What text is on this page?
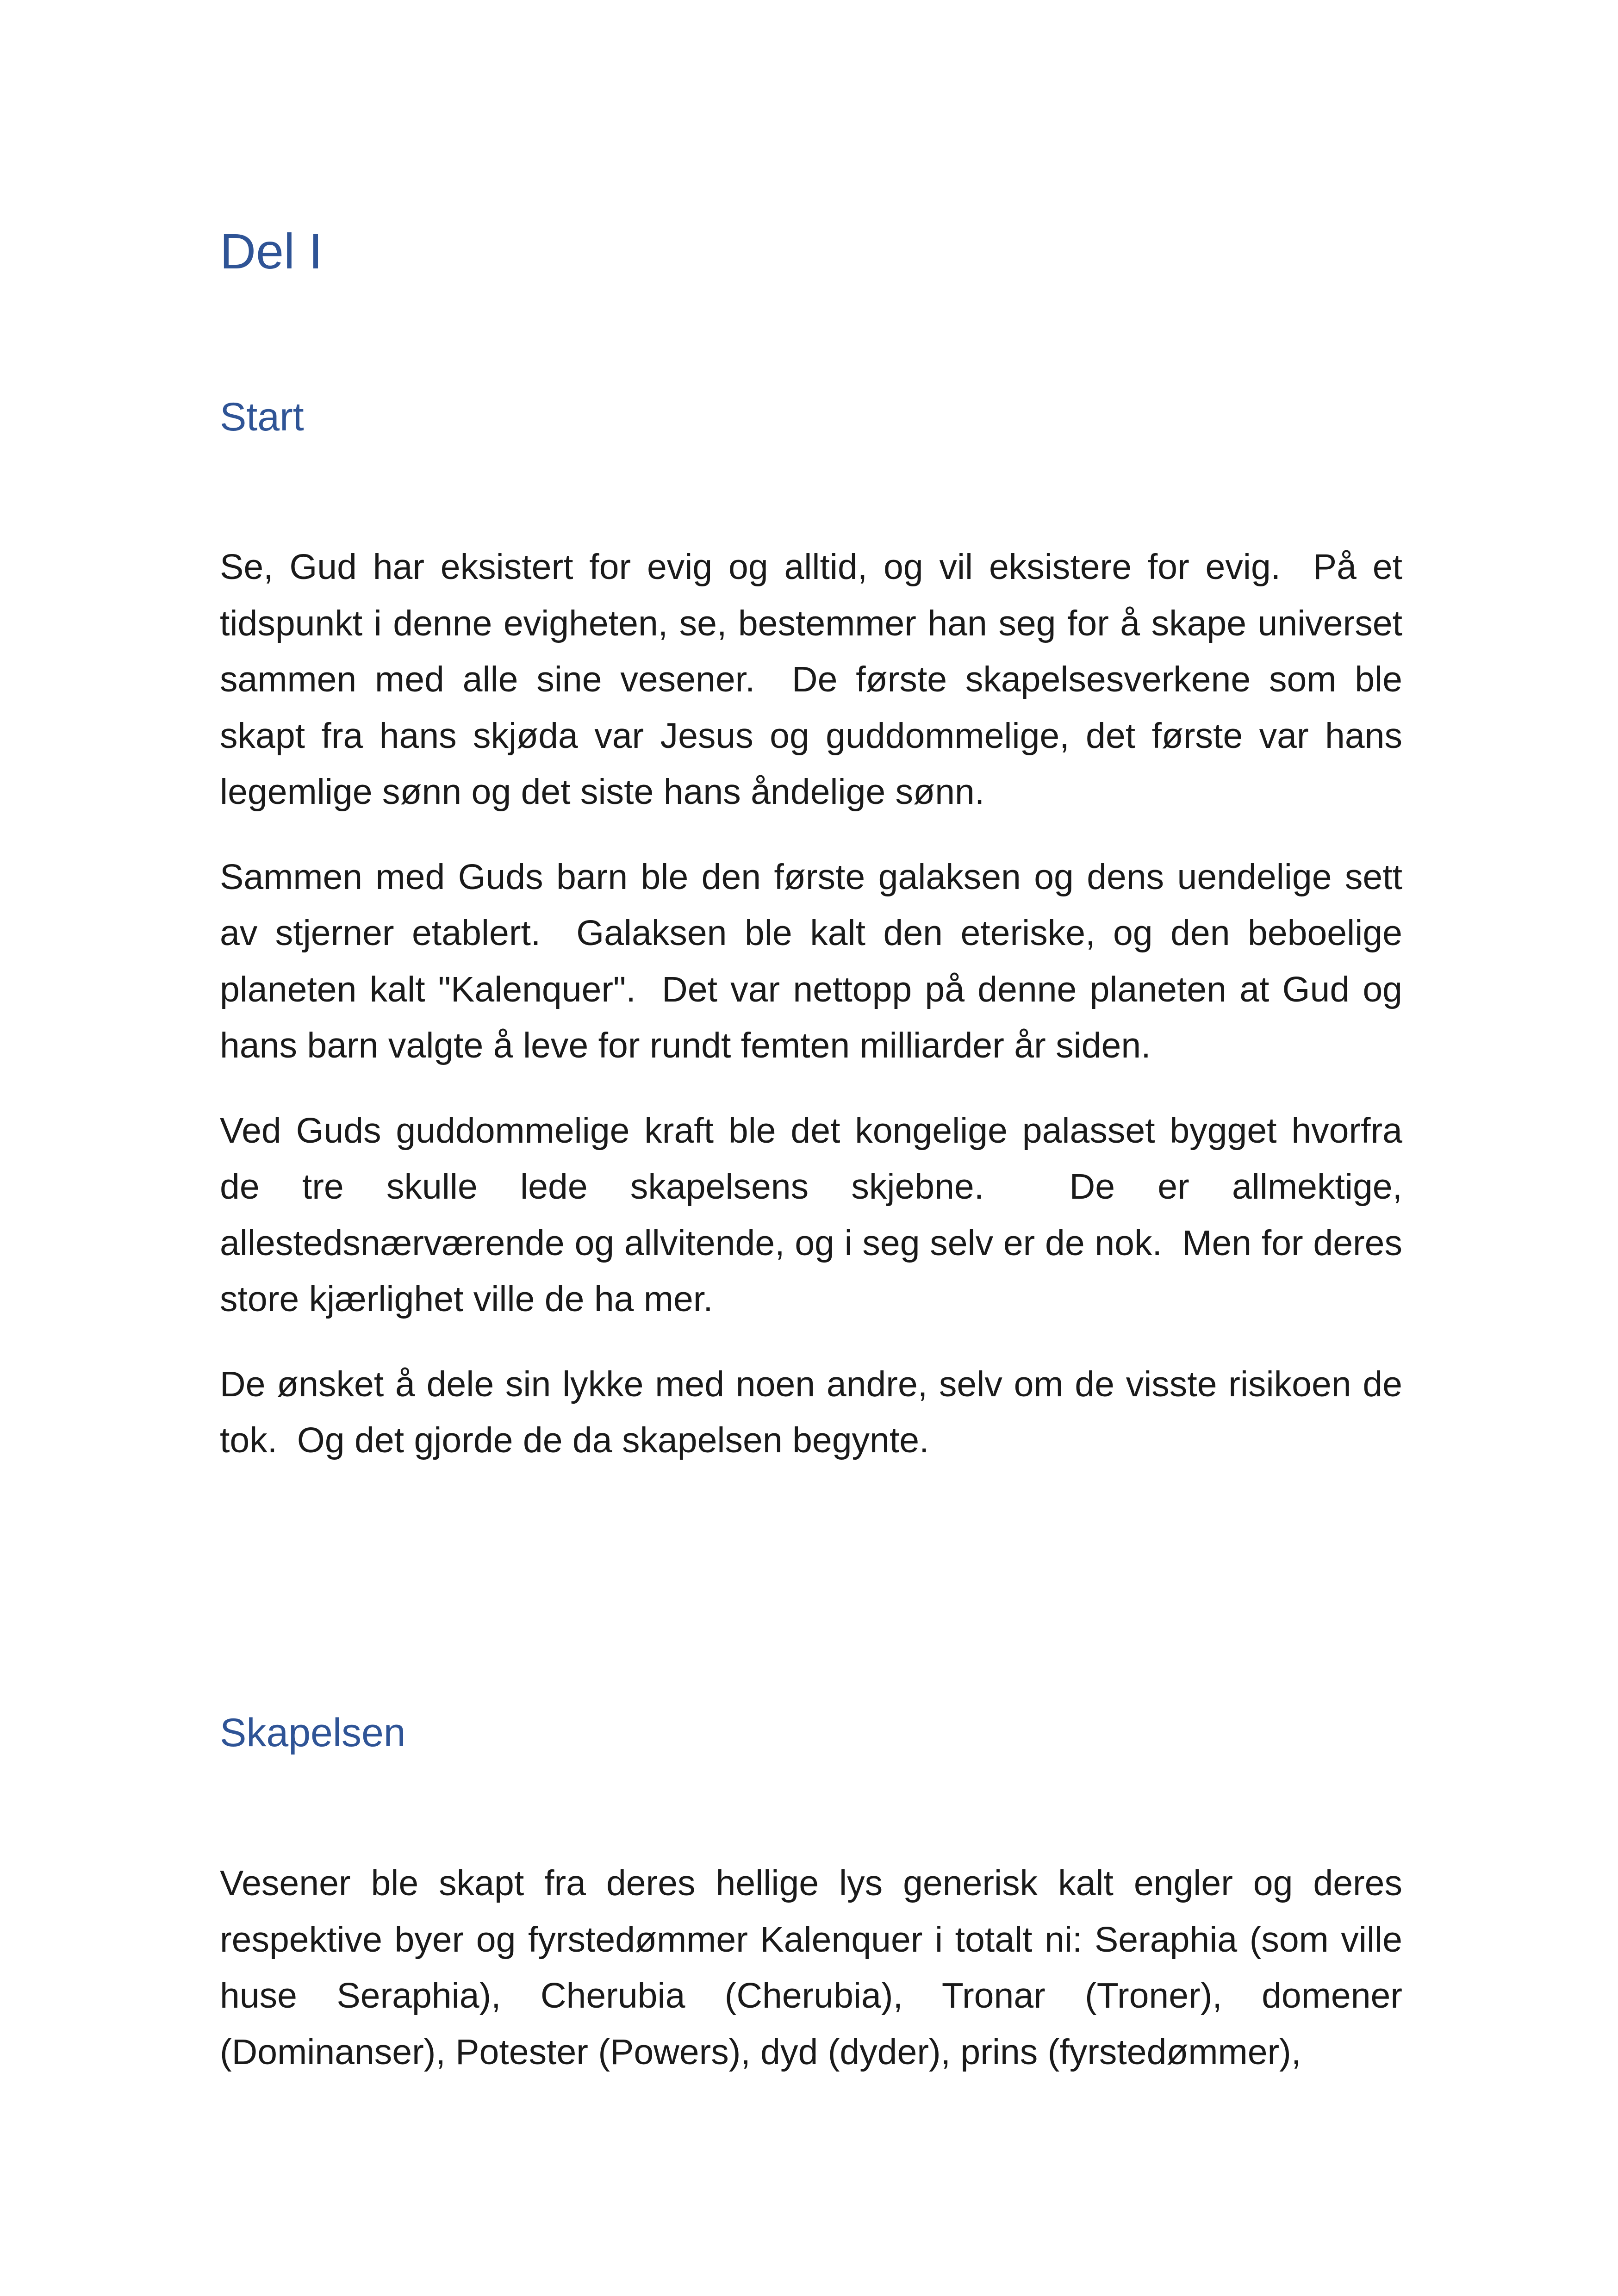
Del I
Start

Se, Gud har eksistert for evig og alltid, og vil eksistere for evig.  På et tidspunkt i denne evigheten, se, bestemmer han seg for å skape universet sammen med alle sine vesener.  De første skapelsesverkene som ble skapt fra hans skjøda var Jesus og guddommelige, det første var hans legemlige sønn og det siste hans åndelige sønn.

Sammen med Guds barn ble den første galaksen og dens uendelige sett av stjerner etablert.  Galaksen ble kalt den eteriske, og den beboelige planeten kalt "Kalenquer".  Det var nettopp på denne planeten at Gud og hans barn valgte å leve for rundt femten milliarder år siden.

Ved Guds guddommelige kraft ble det kongelige palasset bygget hvorfra de tre skulle lede skapelsens skjebne.  De er allmektige, allestedsnærværende og allvitende, og i seg selv er de nok.  Men for deres store kjærlighet ville de ha mer.

De ønsket å dele sin lykke med noen andre, selv om de visste risikoen de tok.  Og det gjorde de da skapelsen begynte.

Skapelsen

Vesener ble skapt fra deres hellige lys generisk kalt engler og deres respektive byer og fyrstedømmer Kalenquer i totalt ni: Seraphia (som ville huse Seraphia), Cherubia (Cherubia), Tronar (Troner), domener (Dominanser), Potester (Powers), dyd (dyder), prins (fyrstedømmer),
